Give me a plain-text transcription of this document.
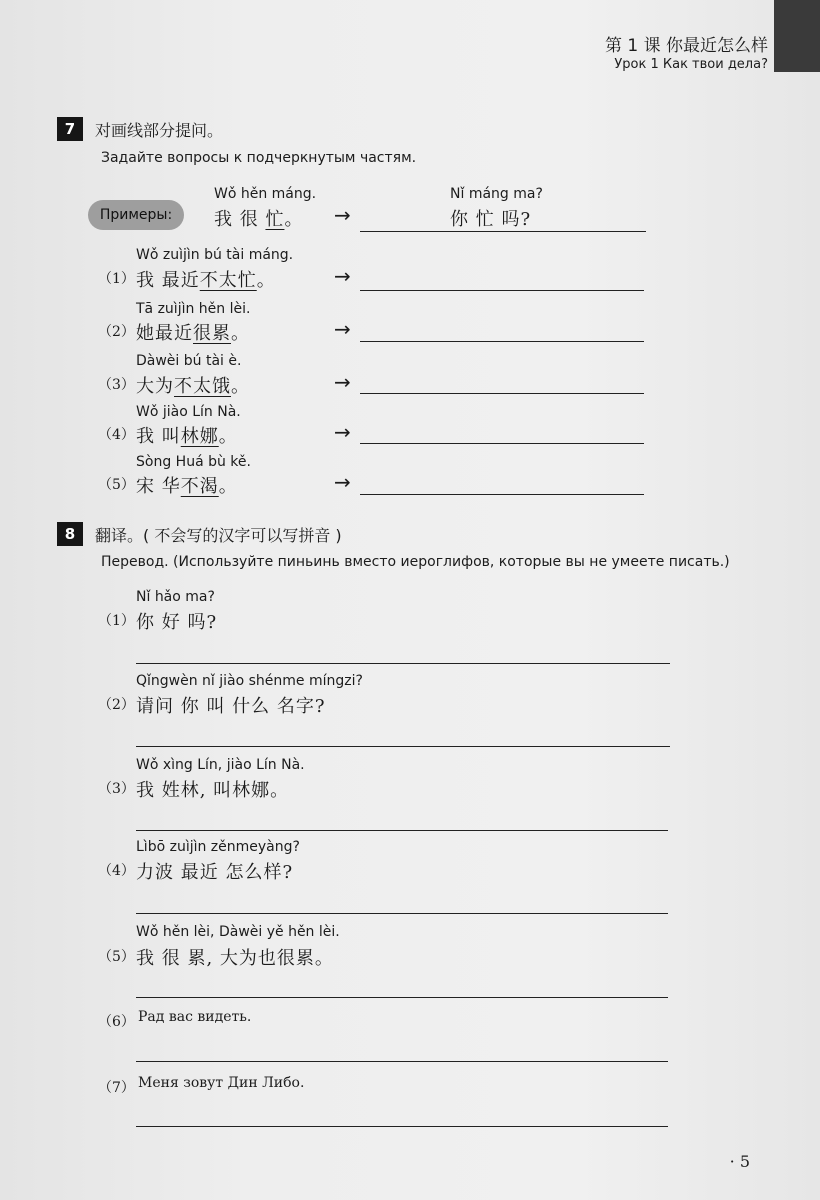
第 1 课 你最近怎么样
Урок 1 Как твои дела?
7 对画线部分提问。
Задайте вопросы к подчеркнутым частям.
Примеры:
Wǒ hěn máng.
我 很 忙。 →
Nǐ máng ma?
你 忙 吗?
Wǒ zuìjìn bú tài máng.
（1） 我 最近不太忙。	→
Tā zuìjìn hěn lèi.
（2） 她最近很累。	→
Dàwèi bú tài è.
（3） 大为不太饿。	→
Wǒ jiào Lín Nà.
（4） 我 叫林娜。	→
Sòng Huá bù kě.
（5） 宋 华不渴。	→
8 翻译。( 不会写的汉字可以写拼音 )
Перевод. (Используйте пиньинь вместо иероглифов, которые вы не умеете писать.)
Nǐ hǎo ma?
（1） 你 好 吗?
Qǐngwèn nǐ jiào shénme míngzi?
（2） 请问 你 叫 什么 名字?
Wǒ xìng Lín, jiào Lín Nà.
（3） 我 姓林, 叫林娜。
Lìbō zuìjìn zěnmeyàng?
（4） 力波 最近 怎么样?
Wǒ hěn lèi, Dàwèi yě hěn lèi.
（5） 我 很 累, 大为也很累。
（6） Рад вас видеть.
（7） Меня зовут Дин Либо.
· 5
